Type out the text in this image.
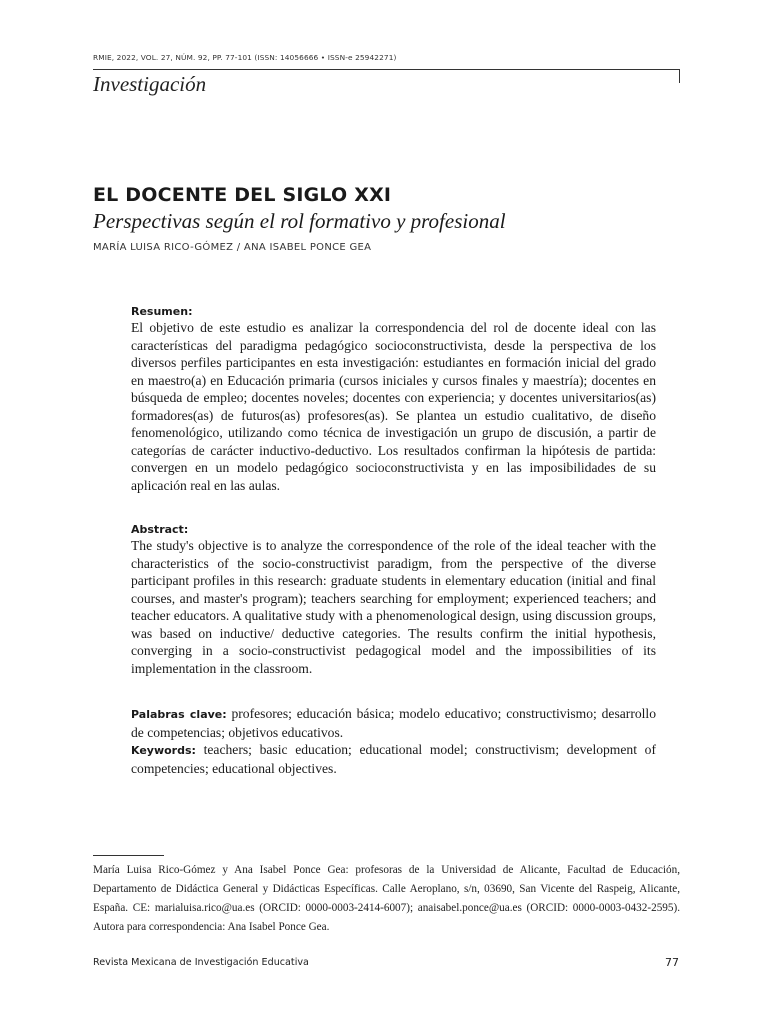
RMIE, 2022, VOL. 27, NÚM. 92, PP. 77-101 (ISSN: 14056666 • ISSN-e 25942271)
Investigación
EL DOCENTE DEL SIGLO XXI
Perspectivas según el rol formativo y profesional
MARÍA LUISA RICO-GÓMEZ / ANA ISABEL PONCE GEA

Resumen:

El objetivo de este estudio es analizar la correspondencia del rol de docente ideal con las características del paradigma pedagógico socioconstructivista, desde la perspectiva de los diversos perfiles participantes en esta investigación: estudiantes en formación inicial del grado en maestro(a) en Educación primaria (cursos iniciales y cursos finales y maestría); docentes en búsqueda de empleo; docentes noveles; docentes con experiencia; y docentes universitarios(as) formadores(as) de futuros(as) profesores(as). Se plantea un estudio cualitativo, de diseño fenomenológico, utilizando como técnica de investigación un grupo de discusión, a partir de categorías de carácter inductivo-deductivo. Los resultados confirman la hipótesis de partida: convergen en un modelo pedagógico socioconstructivista y en las imposibilidades de su aplicación real en las aulas.

Abstract:

The study's objective is to analyze the correspondence of the role of the ideal teacher with the characteristics of the socio-constructivist paradigm, from the perspective of the diverse participant profiles in this research: graduate students in elementary education (initial and final courses, and master's program); teachers searching for employment; experienced teachers; and teacher educators. A qualitative study with a phenomenological design, using discussion groups, was based on inductive/ deductive categories. The results confirm the initial hypothesis, converging in a socio-constructivist pedagogical model and the impossibilities of its implementation in the classroom.

Palabras clave: profesores; educación básica; modelo educativo; constructivismo; desarrollo de competencias; objetivos educativos.

Keywords: teachers; basic education; educational model; constructivism; development of competencies; educational objectives.

María Luisa Rico-Gómez y Ana Isabel Ponce Gea: profesoras de la Universidad de Alicante, Facultad de Educación, Departamento de Didáctica General y Didácticas Específicas. Calle Aeroplano, s/n, 03690, San Vicente del Raspeig, Alicante, España. CE: marialuisa.rico@ua.es (ORCID: 0000-0003-2414-6007); anaisabel.ponce@ua.es (ORCID: 0000-0003-0432-2595). Autora para correspondencia: Ana Isabel Ponce Gea.

Revista Mexicana de Investigación Educativa	77
